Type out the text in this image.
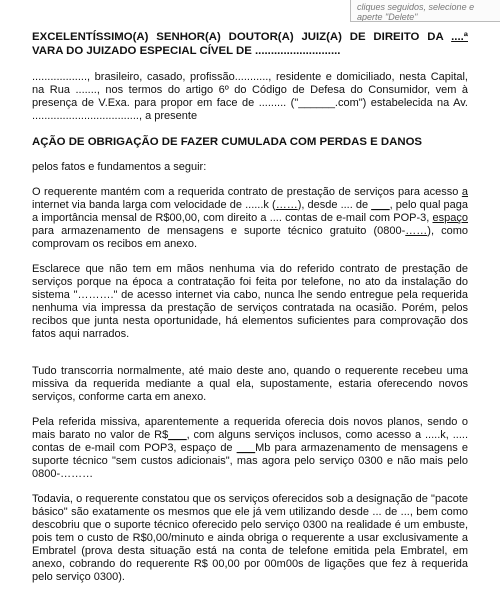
cliques seguidos, selecione e aperte "Delete"

EXCELENTÍSSIMO(A) SENHOR(A) DOUTOR(A) JUIZ(A) DE DIREITO DA ....ª VARA DO JUIZADO ESPECIAL CÍVEL DE ...........................

.................., brasileiro, casado, profissão..........., residente e domiciliado, nesta Capital, na Rua ......., nos termos do artigo 6º do Código de Defesa do Consumidor, vem à presença de V.Exa. para propor em face de ......... ("______.com") estabelecida na Av. ..................................., a presente

AÇÃO DE OBRIGAÇÃO DE FAZER CUMULADA COM PERDAS E DANOS

pelos fatos e fundamentos a seguir:

O requerente mantém com a requerida contrato de prestação de serviços para acesso a internet via banda larga com velocidade de ......k (……), desde .... de ___, pelo qual paga a importância mensal de R$00,00, com direito a .... contas de e-mail com POP-3, espaço para armazenamento de mensagens e suporte técnico gratuito (0800-……), como comprovam os recibos em anexo.

Esclarece que não tem em mãos nenhuma via do referido contrato de prestação de serviços porque na época a contratação foi feita por telefone, no ato da instalação do sistema "………." de acesso internet via cabo, nunca lhe sendo entregue pela requerida nenhuma via impressa da prestação de serviços contratada na ocasião. Porém, pelos recibos que junta nesta oportunidade, há elementos suficientes para comprovação dos fatos aqui narrados.

Tudo transcorria normalmente, até maio deste ano, quando o requerente recebeu uma missiva da requerida mediante a qual ela, supostamente, estaria oferecendo novos serviços, conforme carta em anexo.

Pela referida missiva, aparentemente a requerida oferecia dois novos planos, sendo o mais barato no valor de R$___, com alguns serviços inclusos, como acesso a .....k, ..... contas de e-mail com POP3, espaço de ___Mb para armazenamento de mensagens e suporte técnico "sem custos adicionais", mas agora pelo serviço 0300 e não mais pelo 0800-………

Todavia, o requerente constatou que os serviços oferecidos sob a designação de "pacote básico" são exatamente os mesmos que ele já vem utilizando desde ... de ..., bem como descobriu que o suporte técnico oferecido pelo serviço 0300 na realidade é um embuste, pois tem o custo de R$0,00/minuto e ainda obriga o requerente a usar exclusivamente a Embratel (prova desta situação está na conta de telefone emitida pela Embratel, em anexo, cobrando do requerente R$ 00,00 por 00m00s de ligações que fez à requerida pelo serviço 0300).
